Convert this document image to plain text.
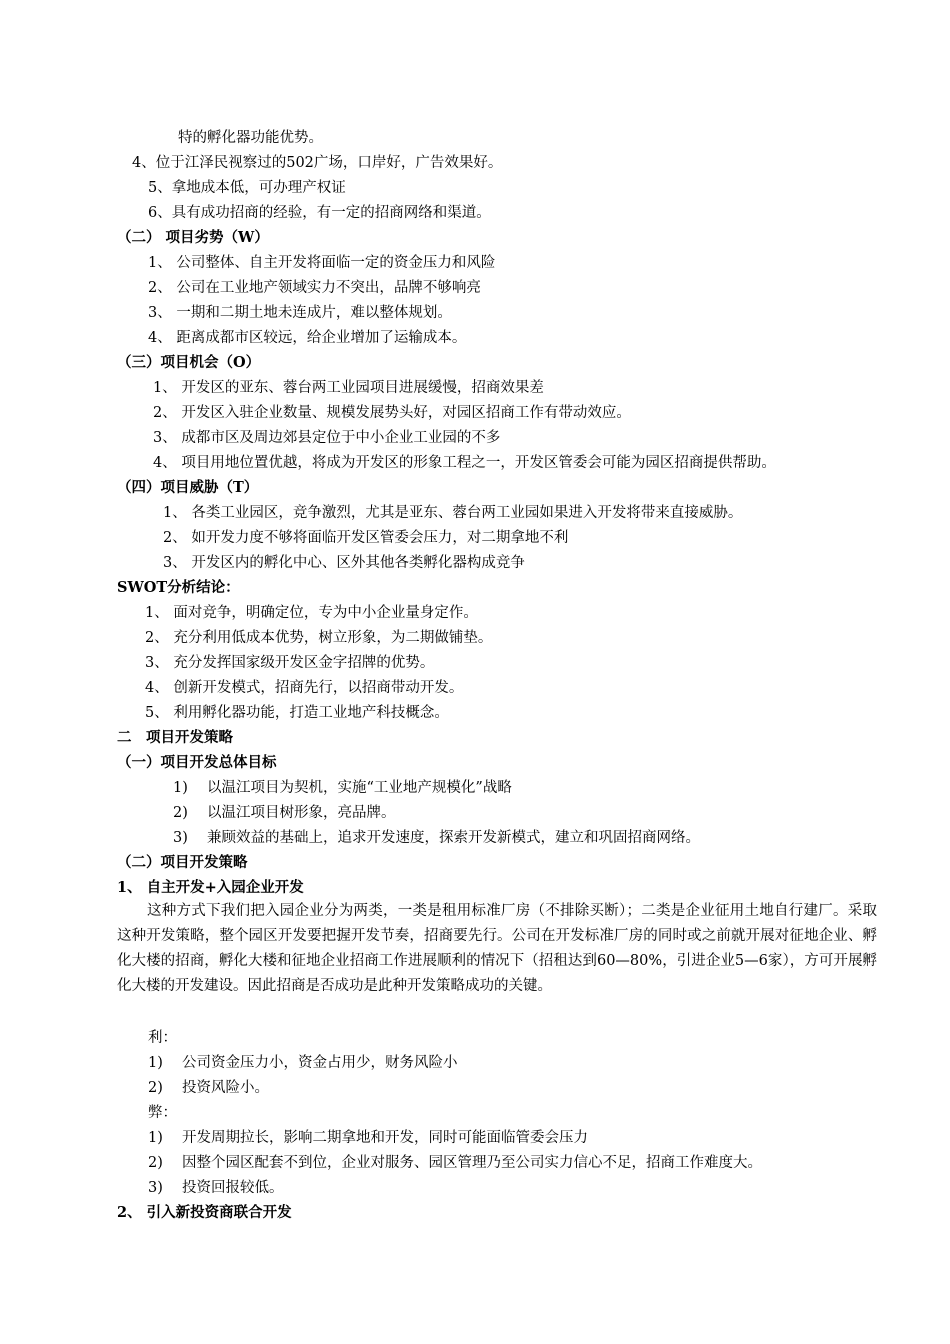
特的孵化器功能优势。
4、位于江泽民视察过的502广场，口岸好，广告效果好。
5、拿地成本低，可办理产权证
6、具有成功招商的经验，有一定的招商网络和渠道。
（二） 项目劣势（W）
1、 公司整体、自主开发将面临一定的资金压力和风险
2、 公司在工业地产领域实力不突出，品牌不够响亮
3、 一期和二期土地未连成片，难以整体规划。
4、 距离成都市区较远，给企业增加了运输成本。
（三）项目机会（O）
1、 开发区的亚东、蓉台两工业园项目进展缓慢，招商效果差
2、 开发区入驻企业数量、规模发展势头好，对园区招商工作有带动效应。
3、 成都市区及周边郊县定位于中小企业工业园的不多
4、 项目用地位置优越，将成为开发区的形象工程之一，开发区管委会可能为园区招商提供帮助。
（四）项目威胁（T）
1、 各类工业园区，竞争激烈，尤其是亚东、蓉台两工业园如果进入开发将带来直接威胁。
2、 如开发力度不够将面临开发区管委会压力，对二期拿地不利
3、 开发区内的孵化中心、区外其他各类孵化器构成竞争
SWOT分析结论：
1、 面对竞争，明确定位，专为中小企业量身定作。
2、 充分利用低成本优势，树立形象，为二期做铺垫。
3、 充分发挥国家级开发区金字招牌的优势。
4、 创新开发模式，招商先行，以招商带动开发。
5、 利用孵化器功能，打造工业地产科技概念。
二　项目开发策略
（一）项目开发总体目标
1) 以温江项目为契机，实施“工业地产规模化”战略
2) 以温江项目树形象，亮品牌。
3) 兼顾效益的基础上，追求开发速度，探索开发新模式，建立和巩固招商网络。
（二）项目开发策略
1、 自主开发+入园企业开发
这种方式下我们把入园企业分为两类，一类是租用标准厂房（不排除买断）；二类是企业征用土地自行建厂。采取这种开发策略，整个园区开发要把握开发节奏，招商要先行。公司在开发标准厂房的同时或之前就开展对征地企业、孵化大楼的招商，孵化大楼和征地企业招商工作进展顺利的情况下（招租达到60—80%，引进企业5—6家），方可开展孵化大楼的开发建设。因此招商是否成功是此种开发策略成功的关键。
利：
1) 公司资金压力小，资金占用少，财务风险小
2) 投资风险小。
弊：
1) 开发周期拉长，影响二期拿地和开发，同时可能面临管委会压力
2) 因整个园区配套不到位，企业对服务、园区管理乃至公司实力信心不足，招商工作难度大。
3) 投资回报较低。
2、 引入新投资商联合开发
